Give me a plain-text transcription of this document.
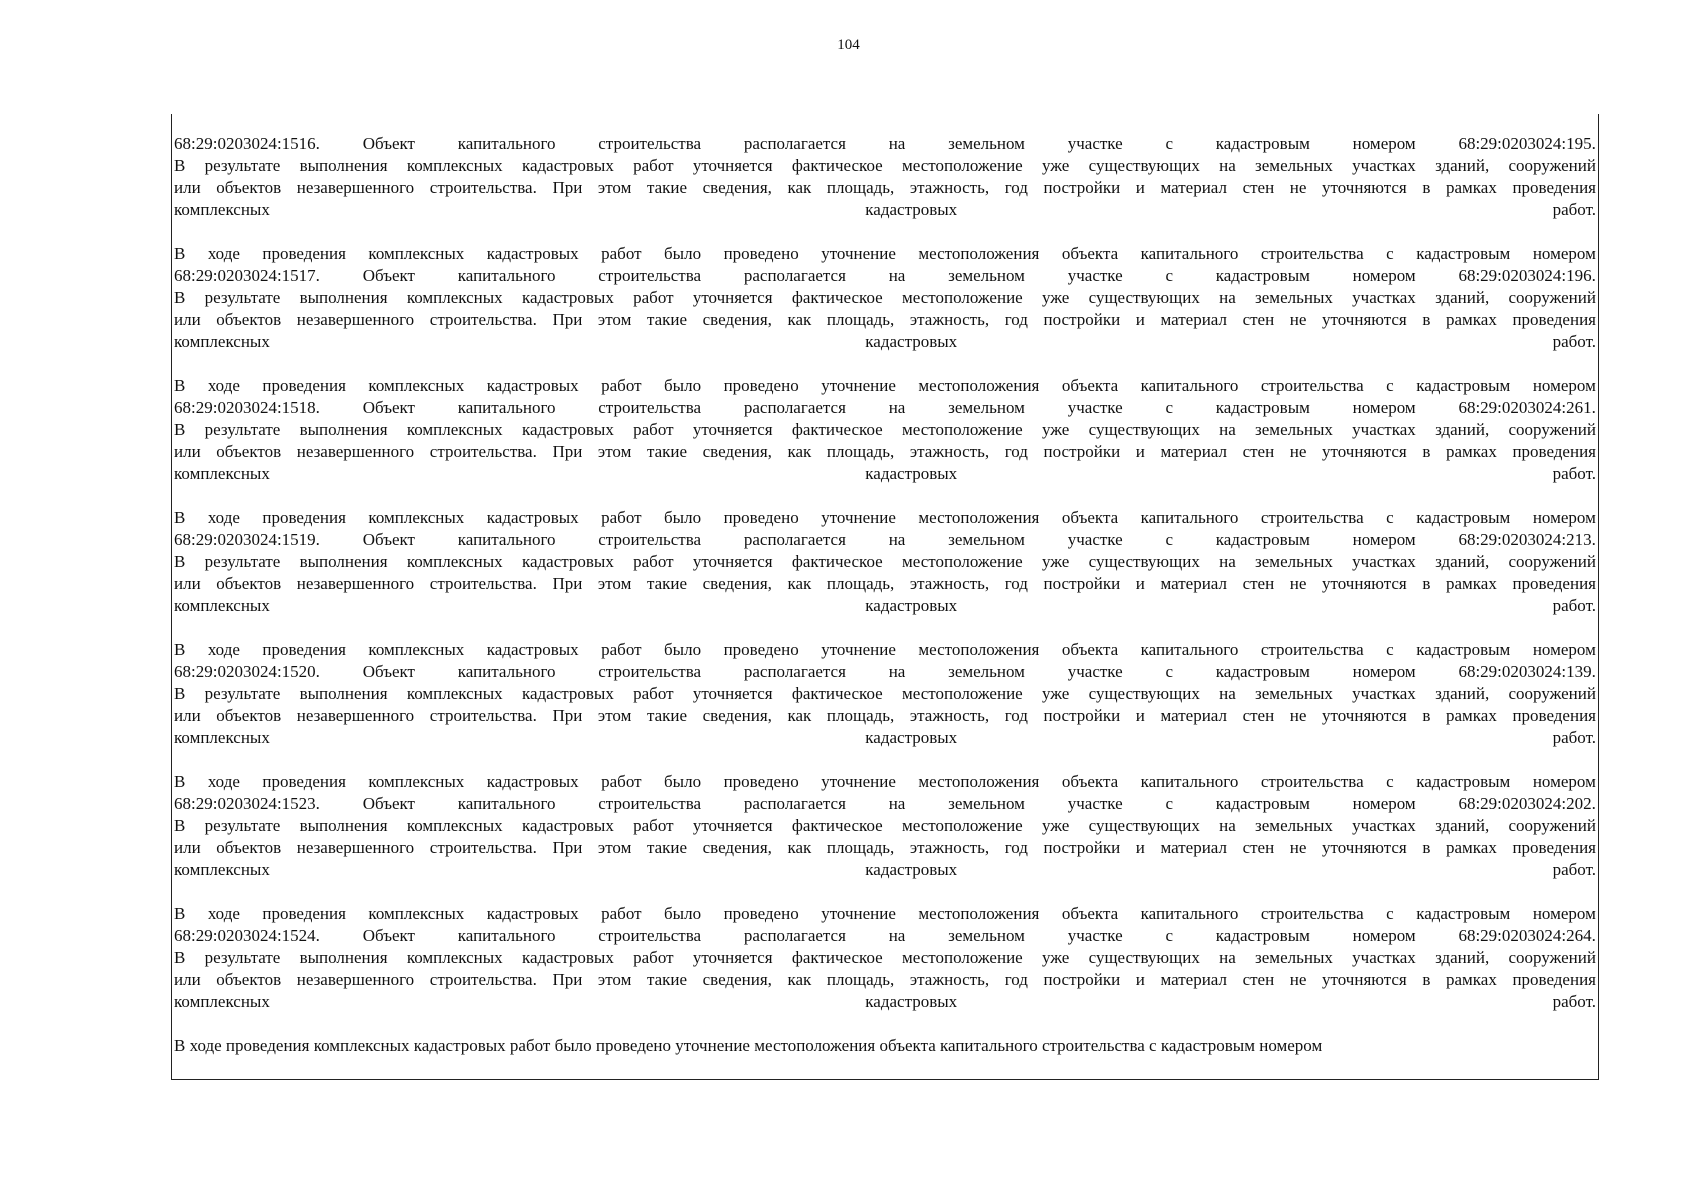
104
68:29:0203024:1516.	Объект	капитального	строительства	располагается	на	земельном	участке	с	кадастровым	номером	68:29:0203024:195.
В результате выполнения комплексных кадастровых работ уточняется фактическое местоположение уже существующих на земельных участках зданий, сооружений
или объектов незавершенного строительства. При этом такие сведения, как площадь, этажность, год постройки и материал стен не уточняются в рамках проведения
комплексных	кадастровых	работ.
В ходе проведения комплексных кадастровых работ было проведено уточнение местоположения объекта капитального строительства с кадастровым номером
68:29:0203024:1517.	Объект	капитального	строительства	располагается	на	земельном	участке	с	кадастровым	номером	68:29:0203024:196.
В результате выполнения комплексных кадастровых работ уточняется фактическое местоположение уже существующих на земельных участках зданий, сооружений
или объектов незавершенного строительства. При этом такие сведения, как площадь, этажность, год постройки и материал стен не уточняются в рамках проведения
комплексных	кадастровых	работ.
В ходе проведения комплексных кадастровых работ было проведено уточнение местоположения объекта капитального строительства с кадастровым номером
68:29:0203024:1518.	Объект	капитального	строительства	располагается	на	земельном	участке	с	кадастровым	номером	68:29:0203024:261.
В результате выполнения комплексных кадастровых работ уточняется фактическое местоположение уже существующих на земельных участках зданий, сооружений
или объектов незавершенного строительства. При этом такие сведения, как площадь, этажность, год постройки и материал стен не уточняются в рамках проведения
комплексных	кадастровых	работ.
В ходе проведения комплексных кадастровых работ было проведено уточнение местоположения объекта капитального строительства с кадастровым номером
68:29:0203024:1519.	Объект	капитального	строительства	располагается	на	земельном	участке	с	кадастровым	номером	68:29:0203024:213.
В результате выполнения комплексных кадастровых работ уточняется фактическое местоположение уже существующих на земельных участках зданий, сооружений
или объектов незавершенного строительства. При этом такие сведения, как площадь, этажность, год постройки и материал стен не уточняются в рамках проведения
комплексных	кадастровых	работ.
В ходе проведения комплексных кадастровых работ было проведено уточнение местоположения объекта капитального строительства с кадастровым номером
68:29:0203024:1520.	Объект	капитального	строительства	располагается	на	земельном	участке	с	кадастровым	номером	68:29:0203024:139.
В результате выполнения комплексных кадастровых работ уточняется фактическое местоположение уже существующих на земельных участках зданий, сооружений
или объектов незавершенного строительства. При этом такие сведения, как площадь, этажность, год постройки и материал стен не уточняются в рамках проведения
комплексных	кадастровых	работ.
В ходе проведения комплексных кадастровых работ было проведено уточнение местоположения объекта капитального строительства с кадастровым номером
68:29:0203024:1523.	Объект	капитального	строительства	располагается	на	земельном	участке	с	кадастровым	номером	68:29:0203024:202.
В результате выполнения комплексных кадастровых работ уточняется фактическое местоположение уже существующих на земельных участках зданий, сооружений
или объектов незавершенного строительства. При этом такие сведения, как площадь, этажность, год постройки и материал стен не уточняются в рамках проведения
комплексных	кадастровых	работ.
В ходе проведения комплексных кадастровых работ было проведено уточнение местоположения объекта капитального строительства с кадастровым номером
68:29:0203024:1524.	Объект	капитального	строительства	располагается	на	земельном	участке	с	кадастровым	номером	68:29:0203024:264.
В результате выполнения комплексных кадастровых работ уточняется фактическое местоположение уже существующих на земельных участках зданий, сооружений
или объектов незавершенного строительства. При этом такие сведения, как площадь, этажность, год постройки и материал стен не уточняются в рамках проведения
комплексных	кадастровых	работ.
В ходе проведения комплексных кадастровых работ было проведено уточнение местоположения объекта капитального строительства с кадастровым номером
